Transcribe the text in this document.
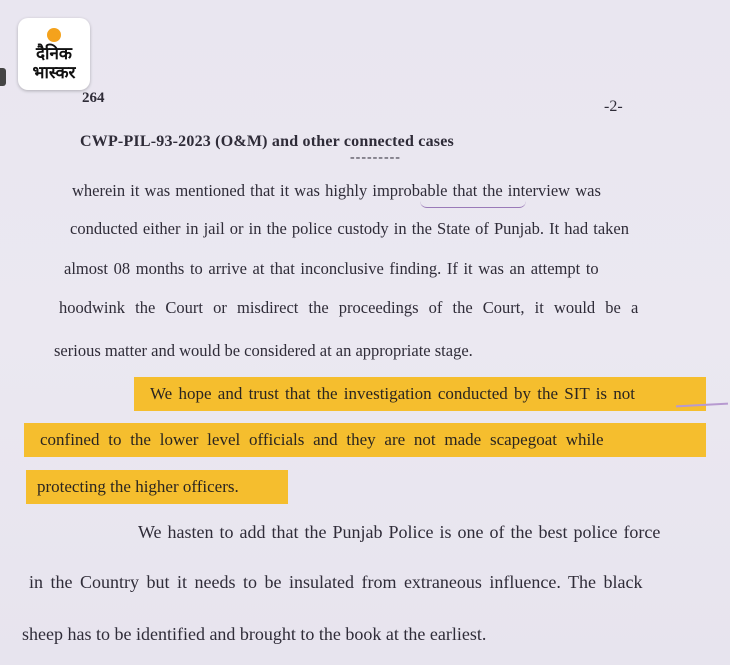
दैनिक
भास्कर
264	-2-
CWP-PIL-93-2023 (O&M) and other connected cases
---------
wherein it was mentioned that it was highly improbable that the interview was
conducted either in jail or in the police custody in the State of Punjab. It had taken
almost 08 months to arrive at that inconclusive finding. If it was an attempt to
hoodwink the Court or misdirect the proceedings of the Court, it would be a
serious matter and would be considered at an appropriate stage.
We hope and trust that the investigation conducted by the SIT is not
confined to the lower level officials and they are not made scapegoat while
protecting the higher officers.
We hasten to add that the Punjab Police is one of the best police force
in the Country but it needs to be insulated from extraneous influence. The black
sheep has to be identified and brought to the book at the earliest.
